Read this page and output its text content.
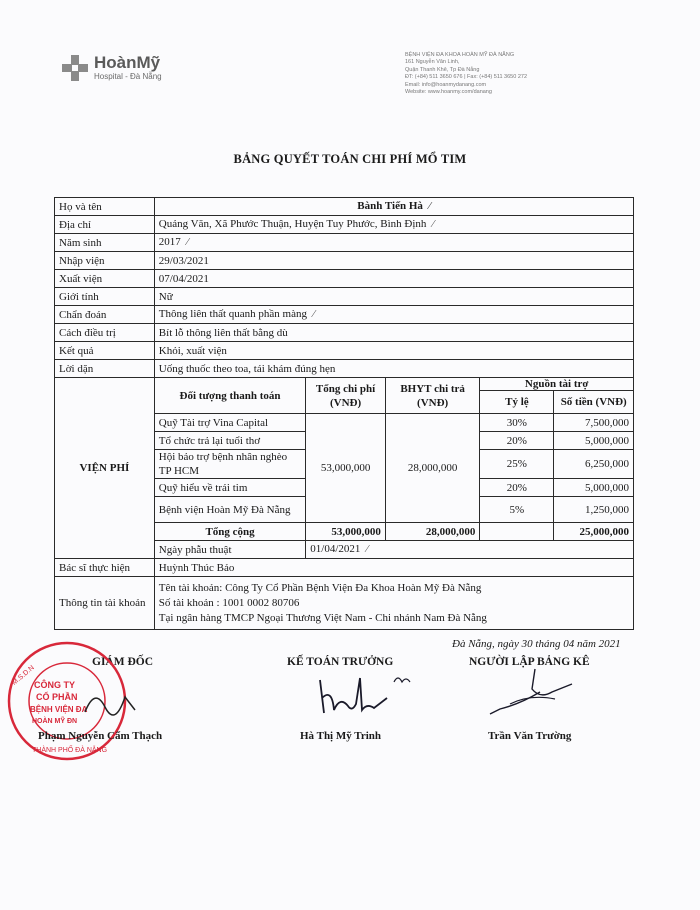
HoànMỹ
Hospital - Đà Nẵng
BỆNH VIỆN ĐA KHOA HOÀN MỸ ĐÀ NẴNG
161 Nguyễn Văn Linh,
Quận Thanh Khê, Tp Đà Nẵng
ĐT: (+84) 511 3650 676 | Fax: (+84) 511 3650 272
Email: info@hoanmydanang.com
Website: www.hoanmy.com/danang
BẢNG QUYẾT TOÁN CHI PHÍ MỔ TIM
Họ và tên	Bành Tiến Hà ⁄				
Địa chỉ	Quảng Văn, Xã Phước Thuận, Huyện Tuy Phước, Bình Định ⁄				
Năm sinh	2017 ⁄				
Nhập viện	29/03/2021				
Xuất viện	07/04/2021				
Giới tính	Nữ				
Chẩn đoán	Thông liên thất quanh phần màng ⁄				
Cách điều trị	Bít lỗ thông liên thất bằng dù				
Kết quả	Khỏi, xuất viện				
Lời dặn	Uống thuốc theo toa, tái khám đúng hẹn				
VIỆN PHÍ	Đối tượng thanh toán	Tổng chi phí (VNĐ)	BHYT chi trả (VNĐ)	Nguồn tài trợ	
				Tỷ lệ	Số tiền (VNĐ)
	Quỹ Tài trợ Vina Capital	53,000,000	28,000,000	30%	7,500,000
	Tổ chức trả lại tuổi thơ			20%	5,000,000
	Hội bảo trợ bệnh nhân nghèo TP HCM			25%	6,250,000
	Quỹ hiểu về trái tim			20%	5,000,000
	Bệnh viện Hoàn Mỹ Đà Nẵng			5%	1,250,000
	Tổng cộng	53,000,000	28,000,000		25,000,000
	Ngày phẫu thuật	01/04/2021 ⁄			
Bác sĩ thực hiện	Huỳnh Thúc Bảo				
Thông tin tài khoản	Tên tài khoản: Công Ty Cổ Phần Bệnh Viện Đa Khoa Hoàn Mỹ Đà Nẵng
Số tài khoản : 1001 0002 80706
Tại ngân hàng TMCP Ngoại Thương Việt Nam - Chi nhánh Nam Đà Nẵng				
Đà Nẵng, ngày 30 tháng 04 năm 2021
GIÁM ĐỐC	KẾ TOÁN TRƯỞNG	NGƯỜI LẬP BẢNG KÊ
CÔNG TY
CỔ PHẦN
BỆNH VIỆN ĐA
HOÀN MỸ ĐN
M.S.D.N
THÀNH PHỐ ĐÀ NẴNG
Phạm Nguyễn Cẩm Thạch	Hà Thị Mỹ Trinh	Trần Văn Trường
